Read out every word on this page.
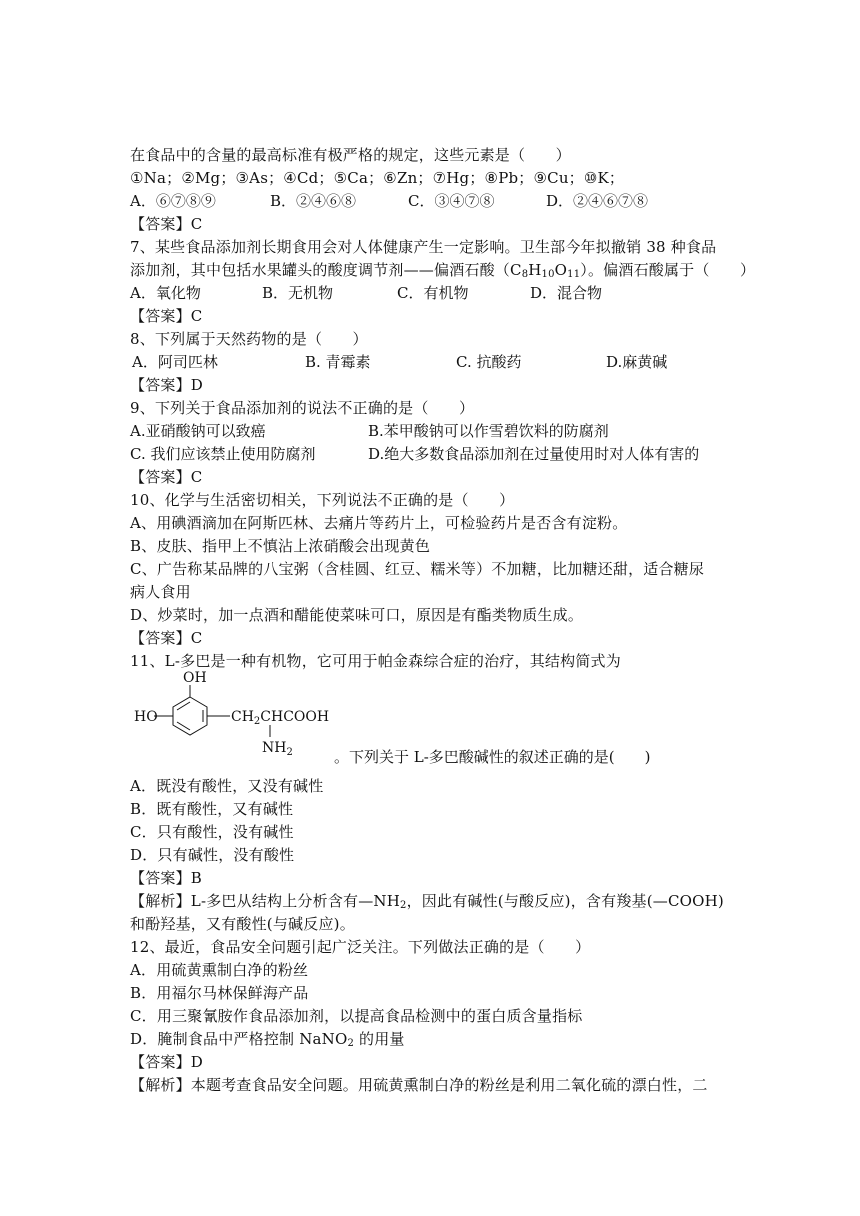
在食品中的含量的最高标准有极严格的规定，这些元素是（　　）
①Na；②Mg；③As；④Cd；⑤Ca；⑥Zn；⑦Hg；⑧Pb；⑨Cu；⑩K；
A．⑥⑦⑧⑨	B．②④⑥⑧	C．③④⑦⑧	D．②④⑥⑦⑧
【答案】C
7、某些食品添加剂长期食用会对人体健康产生一定影响。卫生部今年拟撤销 38 种食品
添加剂，其中包括水果罐头的酸度调节剂——偏酒石酸$(C_8H_{10}O_{11})$。偏酒石酸属于（　　）
A．氧化物	B．无机物	C．有机物	D．混合物
【答案】C
8、下列属于天然药物的是（　　）
A．阿司匹林	B. 青霉素	C. 抗酸药	D.麻黄碱
【答案】D
9、下列关于食品添加剂的说法不正确的是（　　）
A.亚硝酸钠可以致癌	B.苯甲酸钠可以作雪碧饮料的防腐剂
C. 我们应该禁止使用防腐剂	D.绝大多数食品添加剂在过量使用时对人体有害的
【答案】C
10、化学与生活密切相关，下列说法不正确的是（　　）
A、用碘酒滴加在阿斯匹林、去痛片等药片上，可检验药片是否含有淀粉。
B、皮肤、指甲上不慎沾上浓硝酸会出现黄色
C、广告称某品牌的八宝粥（含桂圆、红豆、糯米等）不加糖，比加糖还甜，适合糖尿
病人食用
D、炒菜时，加一点酒和醋能使菜味可口，原因是有酯类物质生成。
【答案】C
11、L-多巴是一种有机物，它可用于帕金森综合症的治疗，其结构简式为
OH
HO	$CH_2CHCOOH$
$NH_2$	。下列关于 L-多巴酸碱性的叙述正确的是(　　)
A．既没有酸性，又没有碱性
B．既有酸性，又有碱性
C．只有酸性，没有碱性
D．只有碱性，没有酸性
【答案】B
【解析】L-多巴从结构上分析含有$—NH_2$，因此有碱性(与酸反应)，含有羧基(—COOH)
和酚羟基，又有酸性(与碱反应)。
12、最近，食品安全问题引起广泛关注。下列做法正确的是（　　）
A．用硫黄熏制白净的粉丝
B．用福尔马林保鲜海产品
C．用三聚氰胺作食品添加剂，以提高食品检测中的蛋白质含量指标
D．腌制食品中严格控制 NaNO$_2$ 的用量
【答案】D
【解析】本题考查食品安全问题。用硫黄熏制白净的粉丝是利用二氧化硫的漂白性，二
